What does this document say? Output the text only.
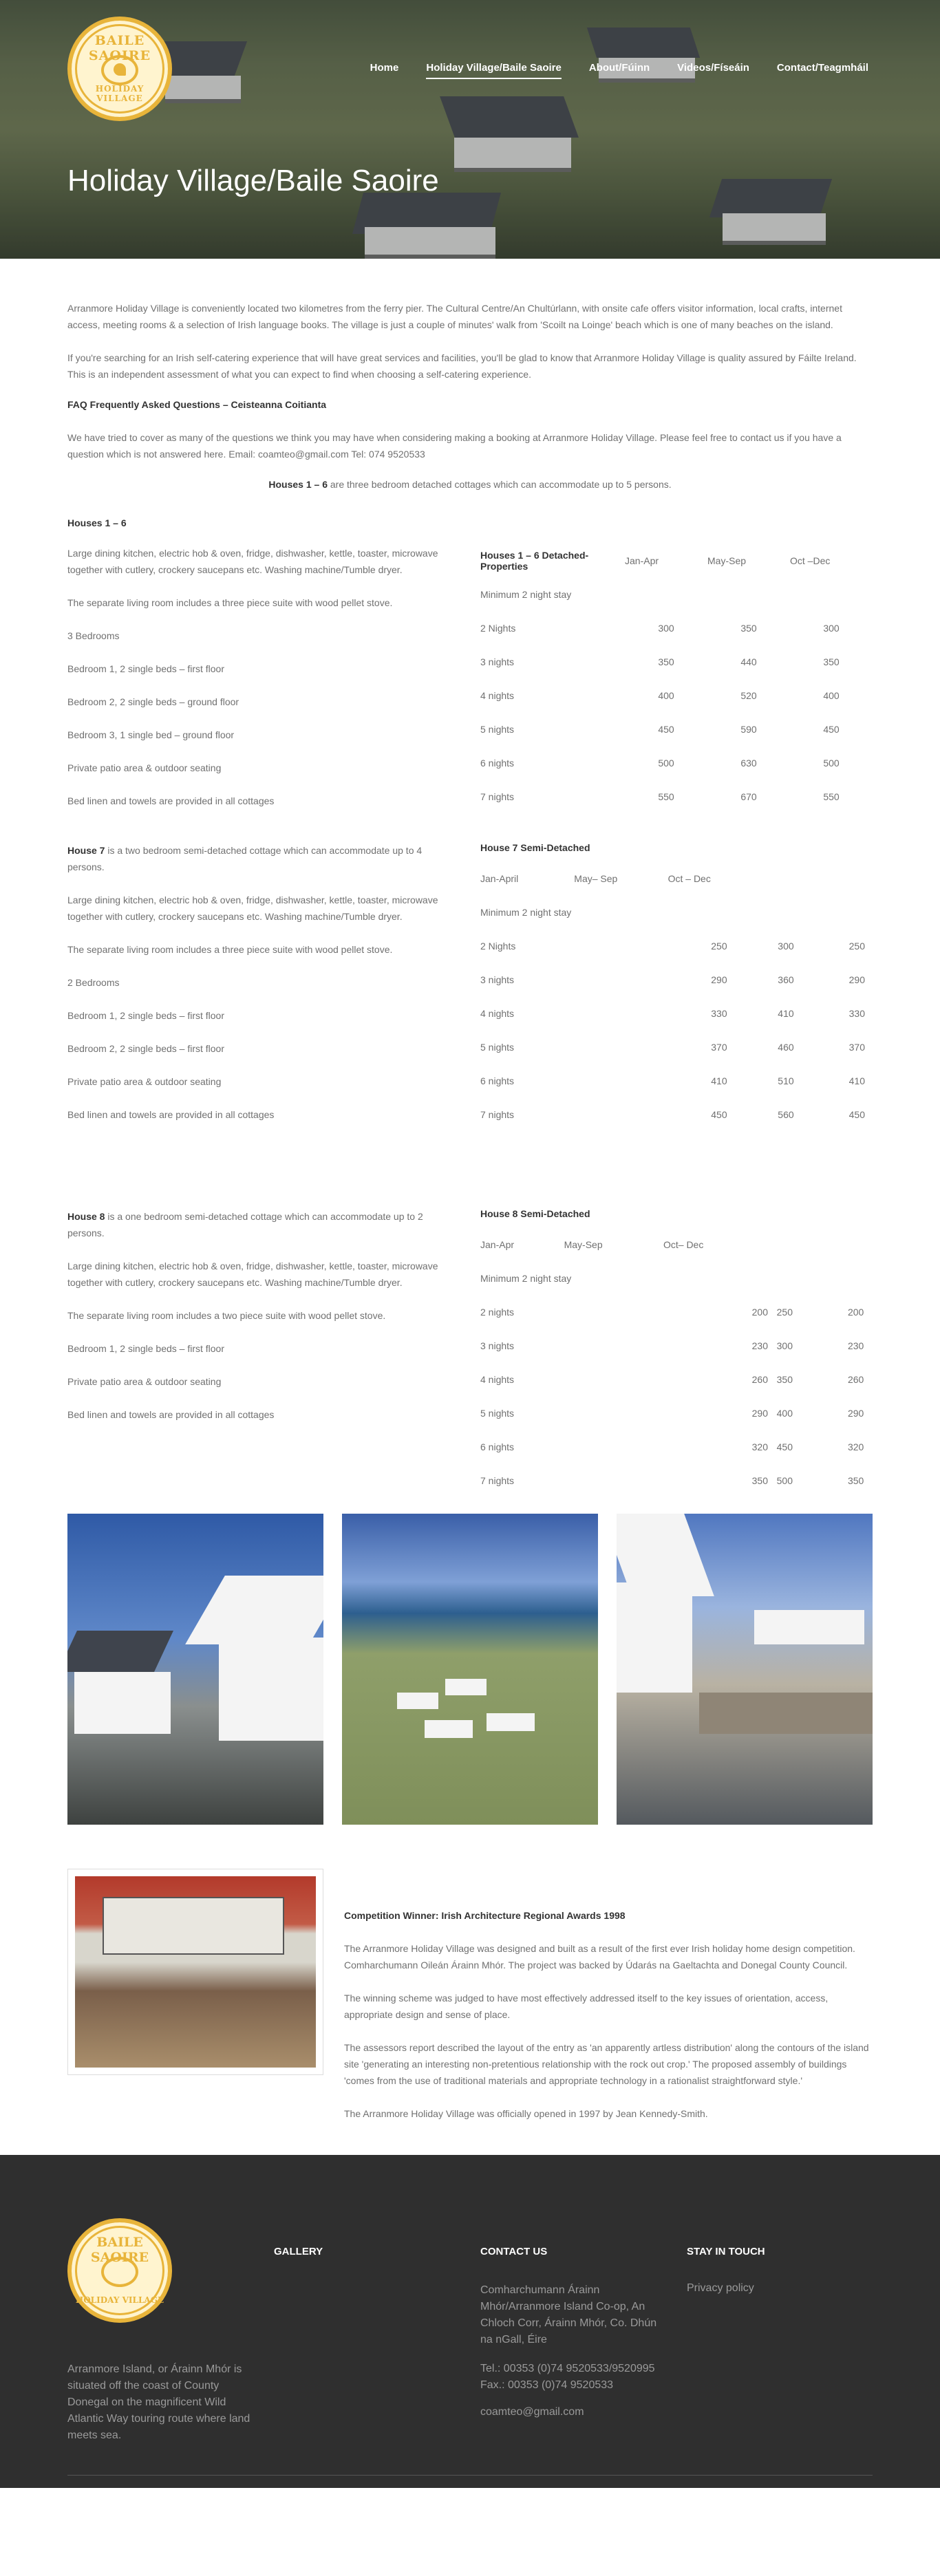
BAILE SAOIRE
HOLIDAY VILLAGE
Home	Holiday Village/Baile Saoire	About/Fúinn	Videos/Físeáin	Contact/Teagmháil
Holiday Village/Baile Saoire

Arranmore Holiday Village is conveniently located two kilometres from the ferry pier. The Cultural Centre/An Chultúrlann, with onsite cafe offers visitor information, local crafts, internet access, meeting rooms & a selection of Irish language books. The village is just a couple of minutes' walk from 'Scoilt na Loinge' beach which is one of many beaches on the island.

If you're searching for an Irish self-catering experience that will have great services and facilities, you'll be glad to know that Arranmore Holiday Village is quality assured by Fáilte Ireland. This is an independent assessment of what you can expect to find when choosing a self-catering experience.

FAQ Frequently Asked Questions – Ceisteanna Coitianta

We have tried to cover as many of the questions we think you may have when considering making a booking at Arranmore Holiday Village. Please feel free to contact us if you have a question which is not answered here. Email: coamteo@gmail.com Tel: 074 9520533

Houses 1 – 6 are three bedroom detached cottages which can accommodate up to 5 persons.
Houses 1 – 6

Large dining kitchen, electric hob & oven, fridge, dishwasher, kettle, toaster, microwave together with cutlery, crockery saucepans etc. Washing machine/Tumble dryer.

The separate living room includes a three piece suite with wood pellet stove.

3 Bedrooms

Bedroom 1, 2 single beds – first floor

Bedroom 2, 2 single beds – ground floor

Bedroom 3, 1 single bed – ground floor

Private patio area & outdoor seating

Bed linen and towels are provided in all cottages

Houses 1 – 6 Detached-Properties	Jan-Apr	May-Sep	Oct –Dec
Minimum 2 night stay			
2 Nights	300	350	300
3 nights	350	440	350
4 nights	400	520	400
5 nights	450	590	450
6 nights	500	630	500
7 nights	550	670	550

House 7 is a two bedroom semi-detached cottage which can accommodate up to 4 persons.

Large dining kitchen, electric hob & oven, fridge, dishwasher, kettle, toaster, microwave together with cutlery, crockery saucepans etc. Washing machine/Tumble dryer.

The separate living room includes a three piece suite with wood pellet stove.

2 Bedrooms

Bedroom 1, 2 single beds – first floor

Bedroom 2, 2 single beds – first floor

Private patio area & outdoor seating

Bed linen and towels are provided in all cottages

House 7 Semi-Detached
Jan-April	May– Sep	Oct – Dec	
Minimum 2 night stay			
2 Nights		250	300 250
3 nights		290	360 290
4 nights		330	410 330
5 nights		370	460 370
6 nights		410	510 410
7 nights		450	560 450

House 8 is a one bedroom semi-detached cottage which can accommodate up to 2 persons.

Large dining kitchen, electric hob & oven, fridge, dishwasher, kettle, toaster, microwave together with cutlery, crockery saucepans etc. Washing machine/Tumble dryer.

The separate living room includes a two piece suite with wood pellet stove.

Bedroom 1, 2 single beds – first floor

Private patio area & outdoor seating

Bed linen and towels are provided in all cottages

House 8 Semi-Detached
Jan-Apr	May-Sep	Oct– Dec	
Minimum 2 night stay			
2 nights		200	250 200
3 nights		230	300 230
4 nights		260	350 260
5 nights		290	400 290
6 nights		320	450 320
7 nights		350	500 350
Competition Winner: Irish Architecture Regional Awards 1998

The Arranmore Holiday Village was designed and built as a result of the first ever Irish holiday home design competition. Comharchumann Oileán Árainn Mhór. The project was backed by Údarás na Gaeltachta and Donegal County Council.

The winning scheme was judged to have most effectively addressed itself to the key issues of orientation, access, appropriate design and sense of place.

The assessors report described the layout of the entry as 'an apparently artless distribution' along the contours of the island site 'generating an interesting non-pretentious relationship with the rock out crop.' The proposed assembly of buildings 'comes from the use of traditional materials and appropriate technology in a rationalist straightforward style.'

The Arranmore Holiday Village was officially opened in 1997 by Jean Kennedy-Smith.

BAILE SAOIRE
HOLIDAY VILLAGE

Arranmore Island, or Árainn Mhór is situated off the coast of County Donegal on the magnificent Wild Atlantic Way touring route where land meets sea.

GALLERY	CONTACT US

Comharchumann Árainn Mhór/Arranmore Island Co-op, An Chloch Corr, Árainn Mhór, Co. Dhún na nGall, Éire

Tel.: 00353 (0)74 9520533/9520995

Fax.: 00353 (0)74 9520533

coamteo@gmail.com
STAY IN TOUCH
Privacy policy
